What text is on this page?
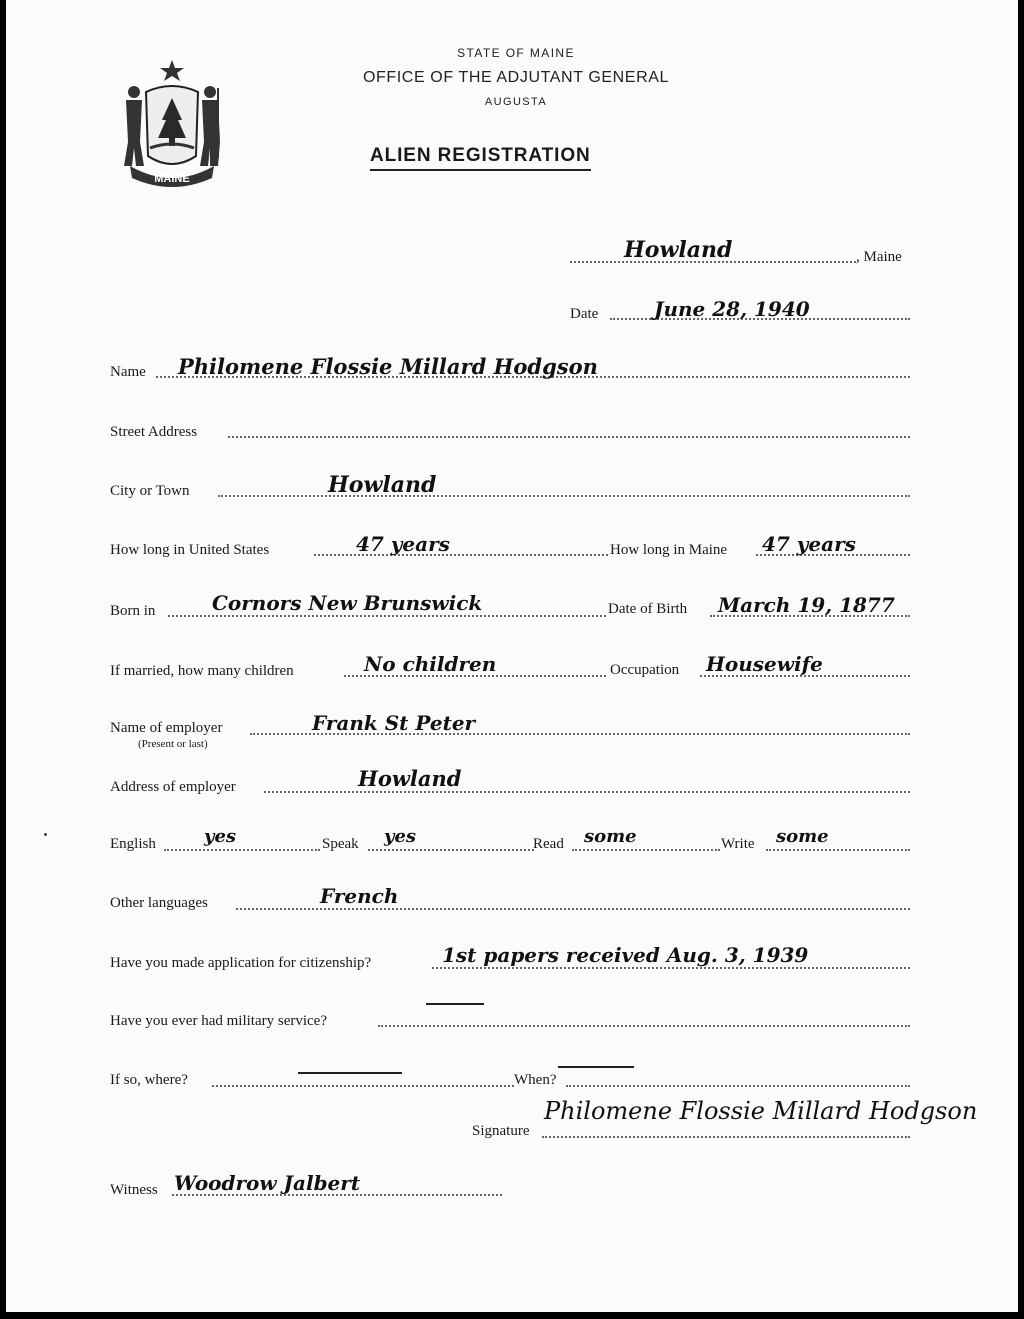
MAINE
STATE OF MAINE
OFFICE OF THE ADJUTANT GENERAL
AUGUSTA
ALIEN REGISTRATION
Howland	, Maine
Date	June 28, 1940
Name Philomene Flossie Millard Hodgson
Street Address
City or Town	Howland
How long in United States	47 years	How long in Maine 47 years
Born in	Cornors New Brunswick	Date of Birth March 19, 1877
If married, how many children	No children	Occupation Housewife
Name of employer
(Present or last)
Frank St Peter
Address of employer	Howland
English	yes	Speak yes	Read some	Write some
Other languages	French
Have you made application for citizenship?	1st papers received Aug. 3, 1939
Have you ever had military service?
If so, where?	When?
Signature
Philomene Flossie Millard Hodgson
Witness Woodrow Jalbert
